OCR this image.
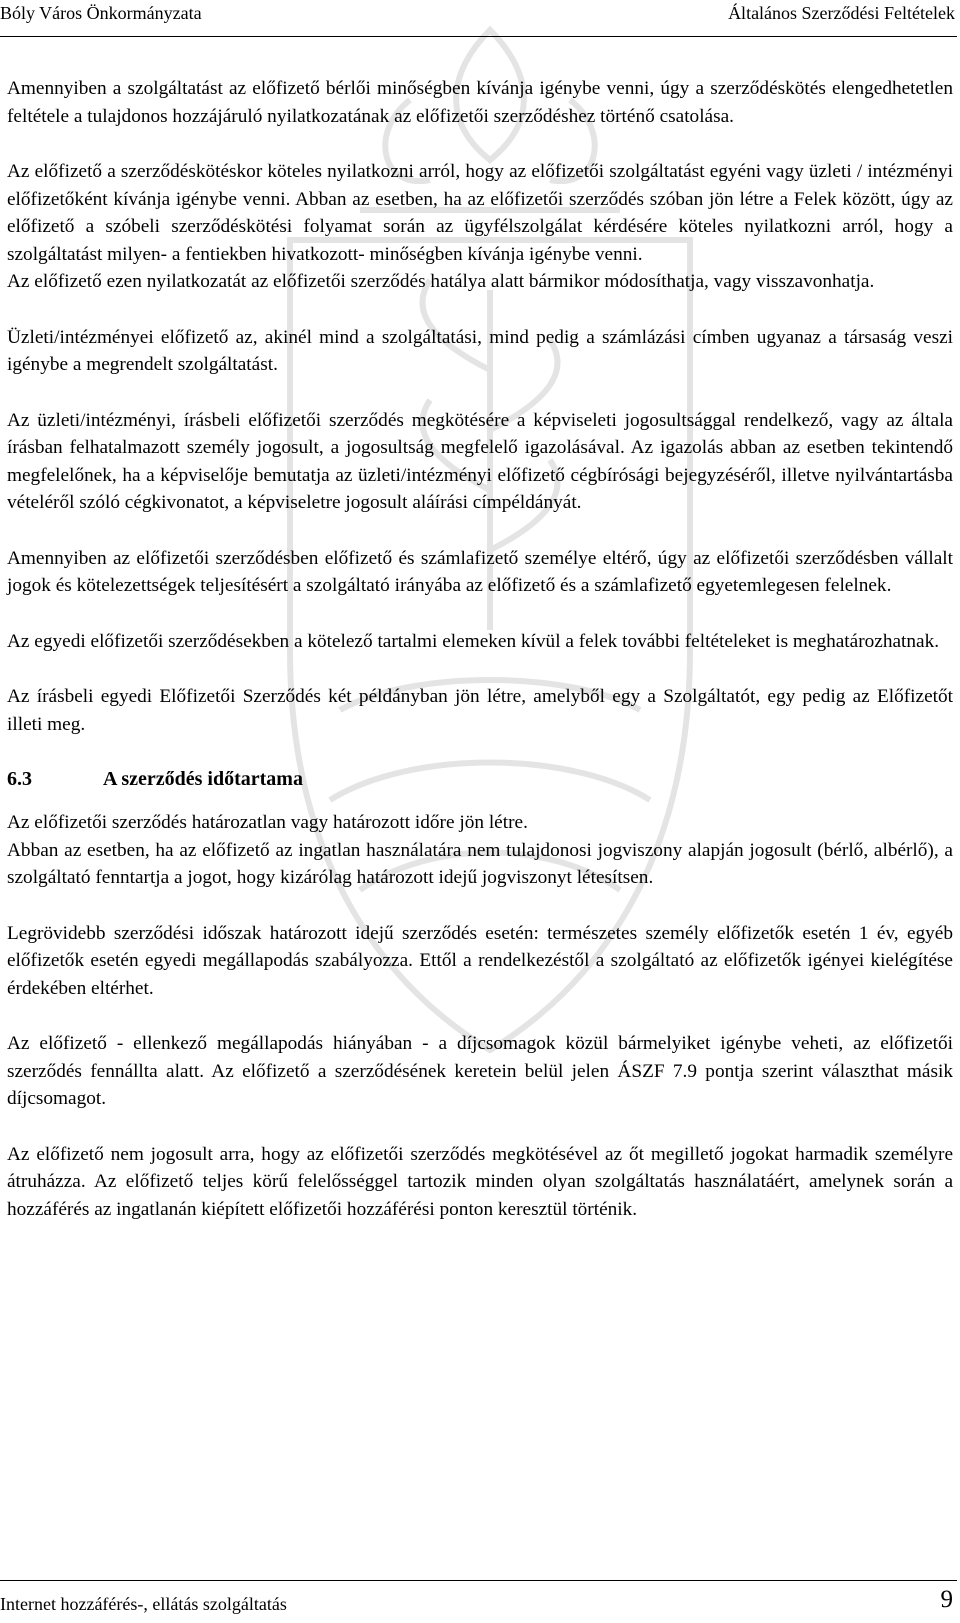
Bóly Város Önkormányzata	Általános Szerződési Feltételek

Amennyiben a szolgáltatást az előfizető bérlői minőségben kívánja igénybe venni, úgy a szerződéskötés elengedhetetlen feltétele a tulajdonos hozzájáruló nyilatkozatának az előfizetői szerződéshez történő csatolása.

Az előfizető a szerződéskötéskor köteles nyilatkozni arról, hogy az előfizetői szolgáltatást egyéni vagy üzleti / intézményi előfizetőként kívánja igénybe venni. Abban az esetben, ha az előfizetői szerződés szóban jön létre a Felek között, úgy az előfizető a szóbeli szerződéskötési folyamat során az ügyfélszolgálat kérdésére köteles nyilatkozni arról, hogy a szolgáltatást milyen- a fentiekben hivatkozott- minőségben kívánja igénybe venni.

Az előfizető ezen nyilatkozatát az előfizetői szerződés hatálya alatt bármikor módosíthatja, vagy visszavonhatja.

Üzleti/intézményei előfizető az, akinél mind a szolgáltatási, mind pedig a számlázási címben ugyanaz a társaság veszi igénybe a megrendelt szolgáltatást.

Az üzleti/intézményi, írásbeli előfizetői szerződés megkötésére a képviseleti jogosultsággal rendelkező, vagy az általa írásban felhatalmazott személy jogosult, a jogosultság megfelelő igazolásával. Az igazolás abban az esetben tekintendő megfelelőnek, ha a képviselője bemutatja az üzleti/intézményi előfizető cégbírósági bejegyzéséről, illetve nyilvántartásba vételéről szóló cégkivonatot, a képviseletre jogosult aláírási címpéldányát.

Amennyiben az előfizetői szerződésben előfizető és számlafizető személye eltérő, úgy az előfizetői szerződésben vállalt jogok és kötelezettségek teljesítésért a szolgáltató irányába az előfizető és a számlafizető egyetemlegesen felelnek.

Az egyedi előfizetői szerződésekben a kötelező tartalmi elemeken kívül a felek további feltételeket is meghatározhatnak.

Az írásbeli egyedi Előfizetői Szerződés két példányban jön létre, amelyből egy a Szolgáltatót, egy pedig az Előfizetőt illeti meg.

6.3	A szerződés időtartama

Az előfizetői szerződés határozatlan vagy határozott időre jön létre.

Abban az esetben, ha az előfizető az ingatlan használatára nem tulajdonosi jogviszony alapján jogosult (bérlő, albérlő), a szolgáltató fenntartja a jogot, hogy kizárólag határozott idejű jogviszonyt létesítsen.

Legrövidebb szerződési időszak határozott idejű szerződés esetén: természetes személy előfizetők esetén 1 év, egyéb előfizetők esetén egyedi megállapodás szabályozza. Ettől a rendelkezéstől a szolgáltató az előfizetők igényei kielégítése érdekében eltérhet.

Az előfizető - ellenkező megállapodás hiányában - a díjcsomagok közül bármelyiket igénybe veheti, az előfizetői szerződés fennállta alatt. Az előfizető a szerződésének keretein belül jelen ÁSZF 7.9 pontja szerint választhat másik díjcsomagot.

Az előfizető nem jogosult arra, hogy az előfizetői szerződés megkötésével az őt megillető jogokat harmadik személyre átruházza. Az előfizető teljes körű felelősséggel tartozik minden olyan szolgáltatás használatáért, amelynek során a hozzáférés az ingatlanán kiépített előfizetői hozzáférési ponton keresztül történik.

Internet hozzáférés-, ellátás szolgáltatás	9
